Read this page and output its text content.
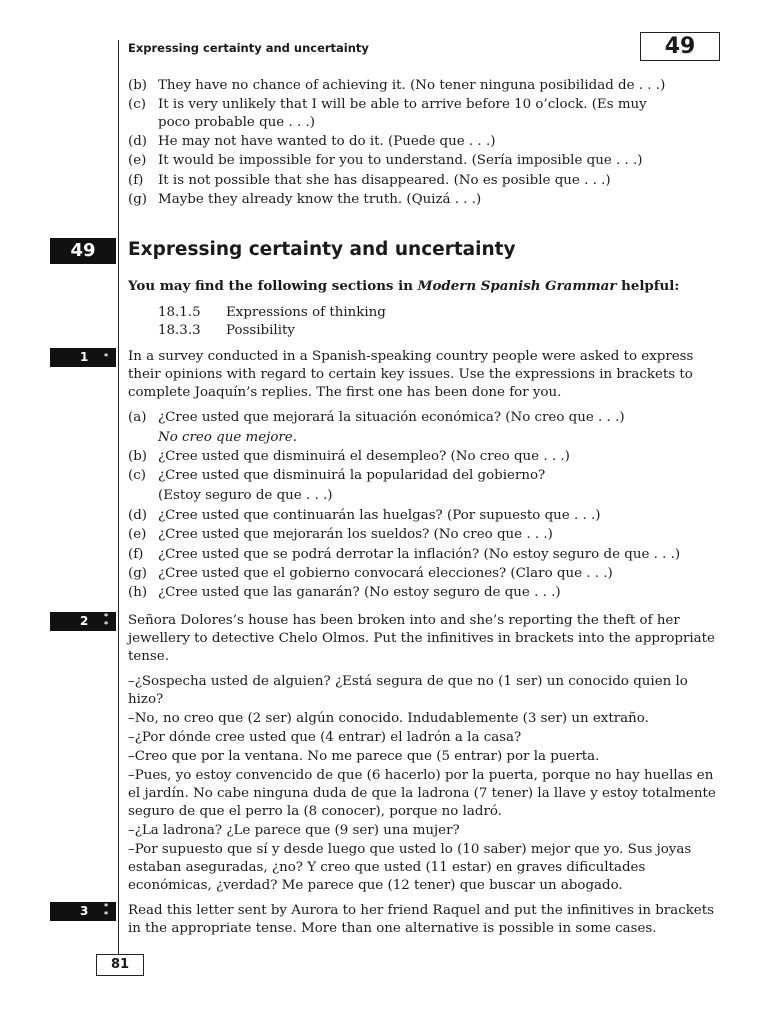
Expressing certainty and uncertainty	49
(b) They have no chance of achieving it. (No tener ninguna posibilidad de . . .)
(c) It is very unlikely that I will be able to arrive before 10 o’clock. (Es muy poco probable que . . .)
(d) He may not have wanted to do it. (Puede que . . .)
(e) It would be impossible for you to understand. (Sería imposible que . . .)
(f)	It is not possible that she has disappeared. (No es posible que . . .)
(g) Maybe they already know the truth. (Quizá . . .)
49	Expressing certainty and uncertainty
You may find the following sections in Modern Spanish Grammar helpful:
18.1.5 Expressions of thinking
18.3.3 Possibility
1 * In a survey conducted in a Spanish-speaking country people were asked to express their opinions with regard to certain key issues. Use the expressions in brackets to complete Joaquín’s replies. The first one has been done for you.
(a) ¿Cree usted que mejorará la situación económica? (No creo que . . .)
No creo que mejore.
(b) ¿Cree usted que disminuirá el desempleo? (No creo que . . .)
(c) ¿Cree usted que disminuirá la popularidad del gobierno?
(Estoy seguro de que . . .)
(d) ¿Cree usted que continuarán las huelgas? (Por supuesto que . . .)
(e) ¿Cree usted que mejorarán los sueldos? (No creo que . . .)
(f)	¿Cree usted que se podrá derrotar la inflación? (No estoy seguro de que . . .)
(g) ¿Cree usted que el gobierno convocará elecciones? (Claro que . . .)
(h) ¿Cree usted que las ganarán? (No estoy seguro de que . . .)
2 *
* Señora Dolores’s house has been broken into and she’s reporting the theft of her jewellery to detective Chelo Olmos. Put the infinitives in brackets into the appropriate tense.
–¿Sospecha usted de alguien? ¿Está segura de que no (1 ser) un conocido quien lo hizo?
–No, no creo que (2 ser) algún conocido. Indudablemente (3 ser) un extraño.
–¿Por dónde cree usted que (4 entrar) el ladrón a la casa?
–Creo que por la ventana. No me parece que (5 entrar) por la puerta.
–Pues, yo estoy convencido de que (6 hacerlo) por la puerta, porque no hay huellas en el jardín. No cabe ninguna duda de que la ladrona (7 tener) la llave y estoy totalmente seguro de que el perro la (8 conocer), porque no ladró.
–¿La ladrona? ¿Le parece que (9 ser) una mujer?
–Por supuesto que sí y desde luego que usted lo (10 saber) mejor que yo. Sus joyas estaban aseguradas, ¿no? Y creo que usted (11 estar) en graves dificultades económicas, ¿verdad? Me parece que (12 tener) que buscar un abogado.
3 *
* Read this letter sent by Aurora to her friend Raquel and put the infinitives in brackets in the appropriate tense. More than one alternative is possible in some cases.
81
